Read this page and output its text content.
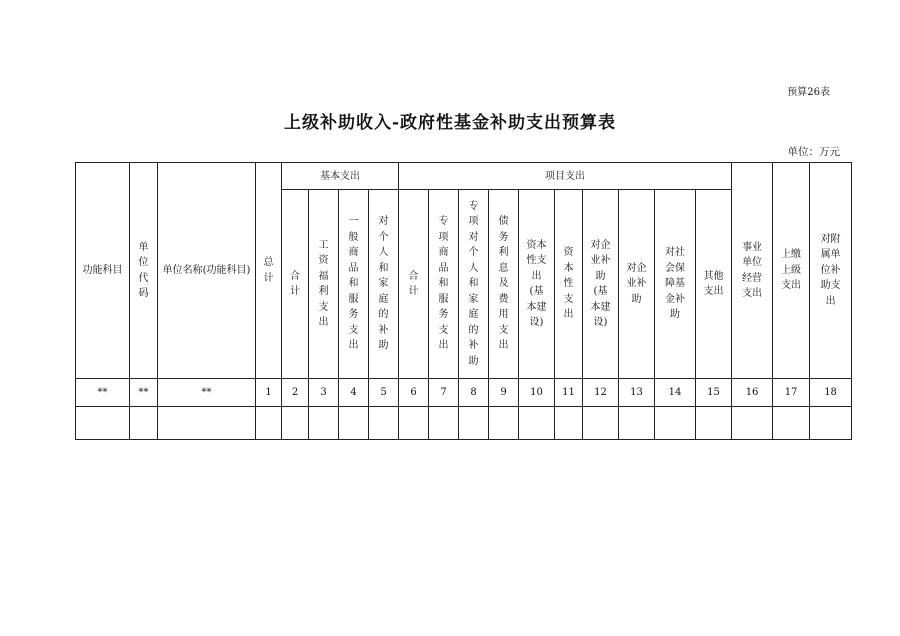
预算26表
上级补助收入-政府性基金补助支出预算表
单位：万元
功能科目	单位代码	单位名称(功能科目)	总计	基本支出				项目支出										事业单位经营支出	上缴上级支出	对附属单位补助支出
				合计	工资福利支出	一般商品和服务支出	对个人和家庭的补助	合计	专项商品和服务支出	专项对个人和家庭的补助	债务利息及费用支出	资本性支出(基本建设)	资本性支出	对企业补助(基本建设)	对企业补助	对社会保障基金补助	其他支出			
**	**	**	1	2	3	4	5	6	7	8	9	10	11	12	13	14	15	16	17	18
